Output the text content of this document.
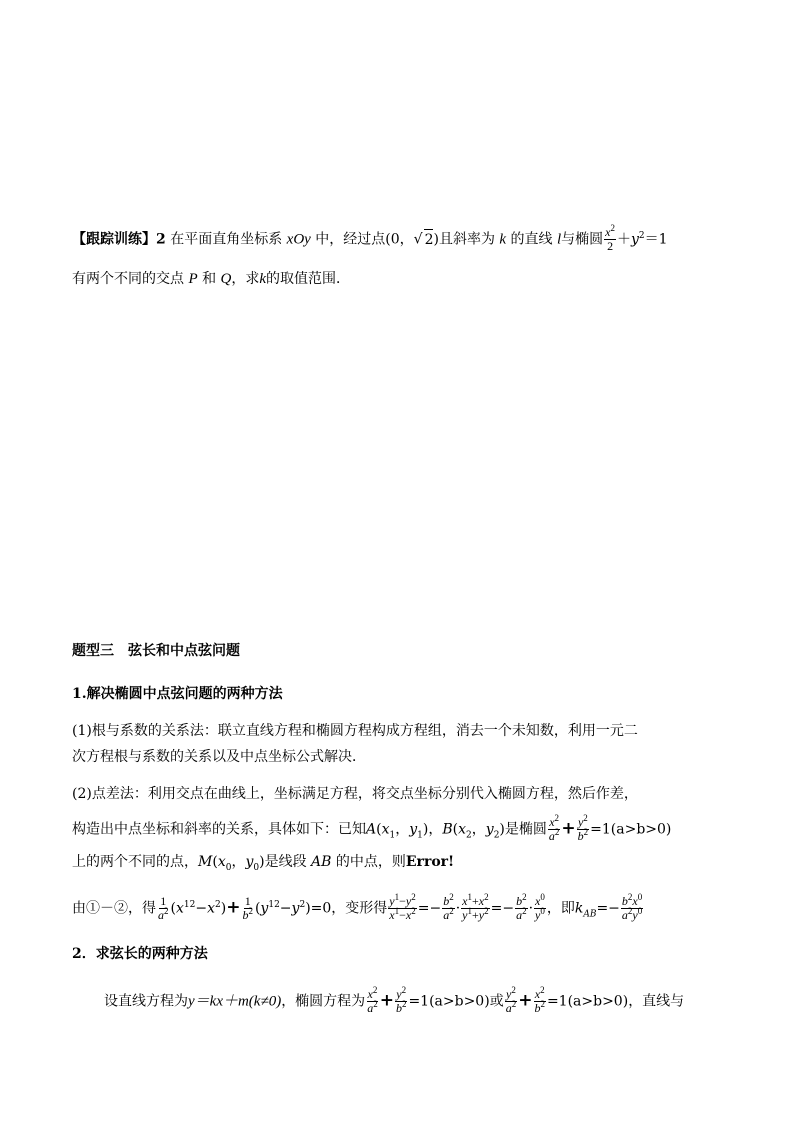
【跟踪训练】2 在平面直角坐标系 xOy 中，经过点(0，√ 2)且斜率为 k 的直线 l与椭圆 $\frac{x^2}{2} +y^2=1$
有两个不同的交点 P 和 Q，求k的取值范围．
题型三　弦长和中点弦问题
1.解决椭圆中点弦问题的两种方法
(1)根与系数的关系法：联立直线方程和椭圆方程构成方程组，消去一个未知数，利用一元二
次方程根与系数的关系以及中点坐标公式解决．
(2)点差法：利用交点在曲线上，坐标满足方程，将交点坐标分别代入椭圆方程，然后作差，
构造出中点坐标和斜率的关系，具体如下：已知$A(x_1$，$y_1$)，$B(x_2$，$y_2$)是椭圆 $\frac{x^2}{a^2} + \frac{y^2}{b^2} =1(a>b>0)$
上的两个不同的点，$M(x_0$，$y_0$)是线段 AB 的中点，则Error!
由①－②，得 $\frac{1}{a^2} (x^{12}-x^2)+ \frac{1}{b^2} (y^{12}-y^2)=0$，变形得 $\frac{y^1-y^2}{x^1-x^2} =- \frac{b^2}{a^2} \cdot \frac{x^1+x^2}{y^1+y^2} =- \frac{b^2}{a^2} \cdot \frac{x^0}{y^0}$ ，即$k_{AB}=- \frac{b^2x^0}{a^2y^0}$
2．求弦长的两种方法
设直线方程为y＝kx＋m(k≠0)，椭圆方程为 $\frac{x^2}{a^2} + \frac{y^2}{b^2} =1(a>b>0)$或 $\frac{y^2}{a^2} + \frac{x^2}{b^2} =1(a>b>0)$，直线与
